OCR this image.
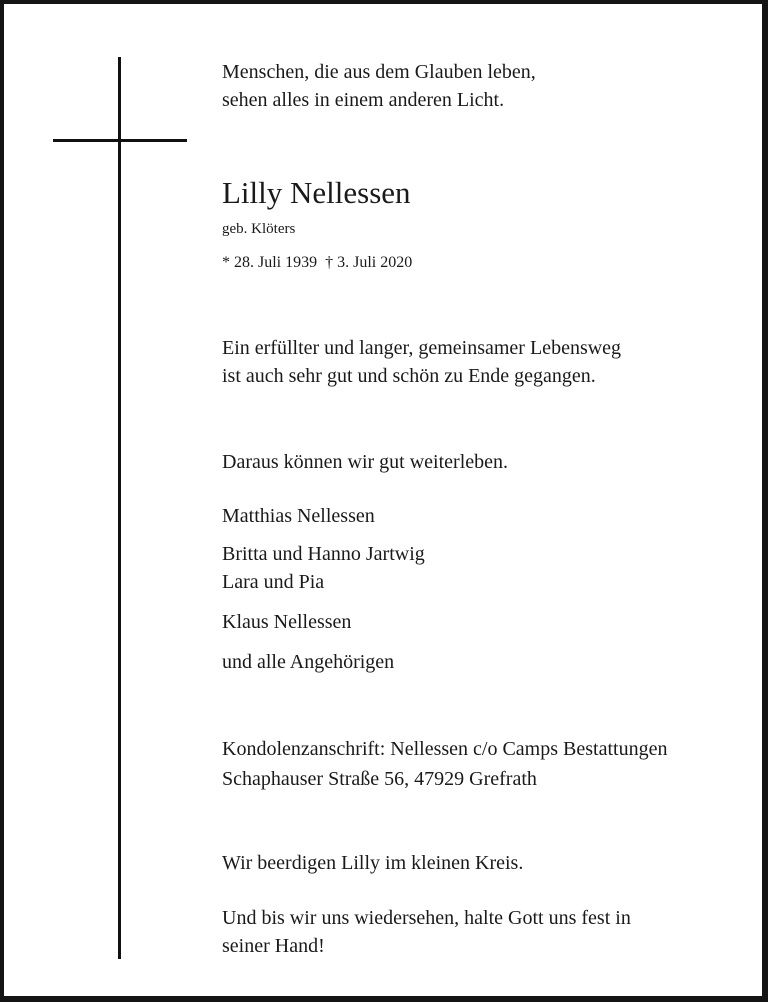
Menschen, die aus dem Glauben leben,
sehen alles in einem anderen Licht.
Lilly Nellessen
geb. Klöters
* 28. Juli 1939  † 3. Juli 2020
Ein erfüllter und langer, gemeinsamer Lebensweg
ist auch sehr gut und schön zu Ende gegangen.
Daraus können wir gut weiterleben.
Matthias Nellessen
Britta und Hanno Jartwig
Lara und Pia
Klaus Nellessen
und alle Angehörigen
Kondolenzanschrift: Nellessen c/o Camps Bestattungen
Schaphauser Straße 56, 47929 Grefrath
Wir beerdigen Lilly im kleinen Kreis.
Und bis wir uns wiedersehen, halte Gott uns fest in
seiner Hand!
